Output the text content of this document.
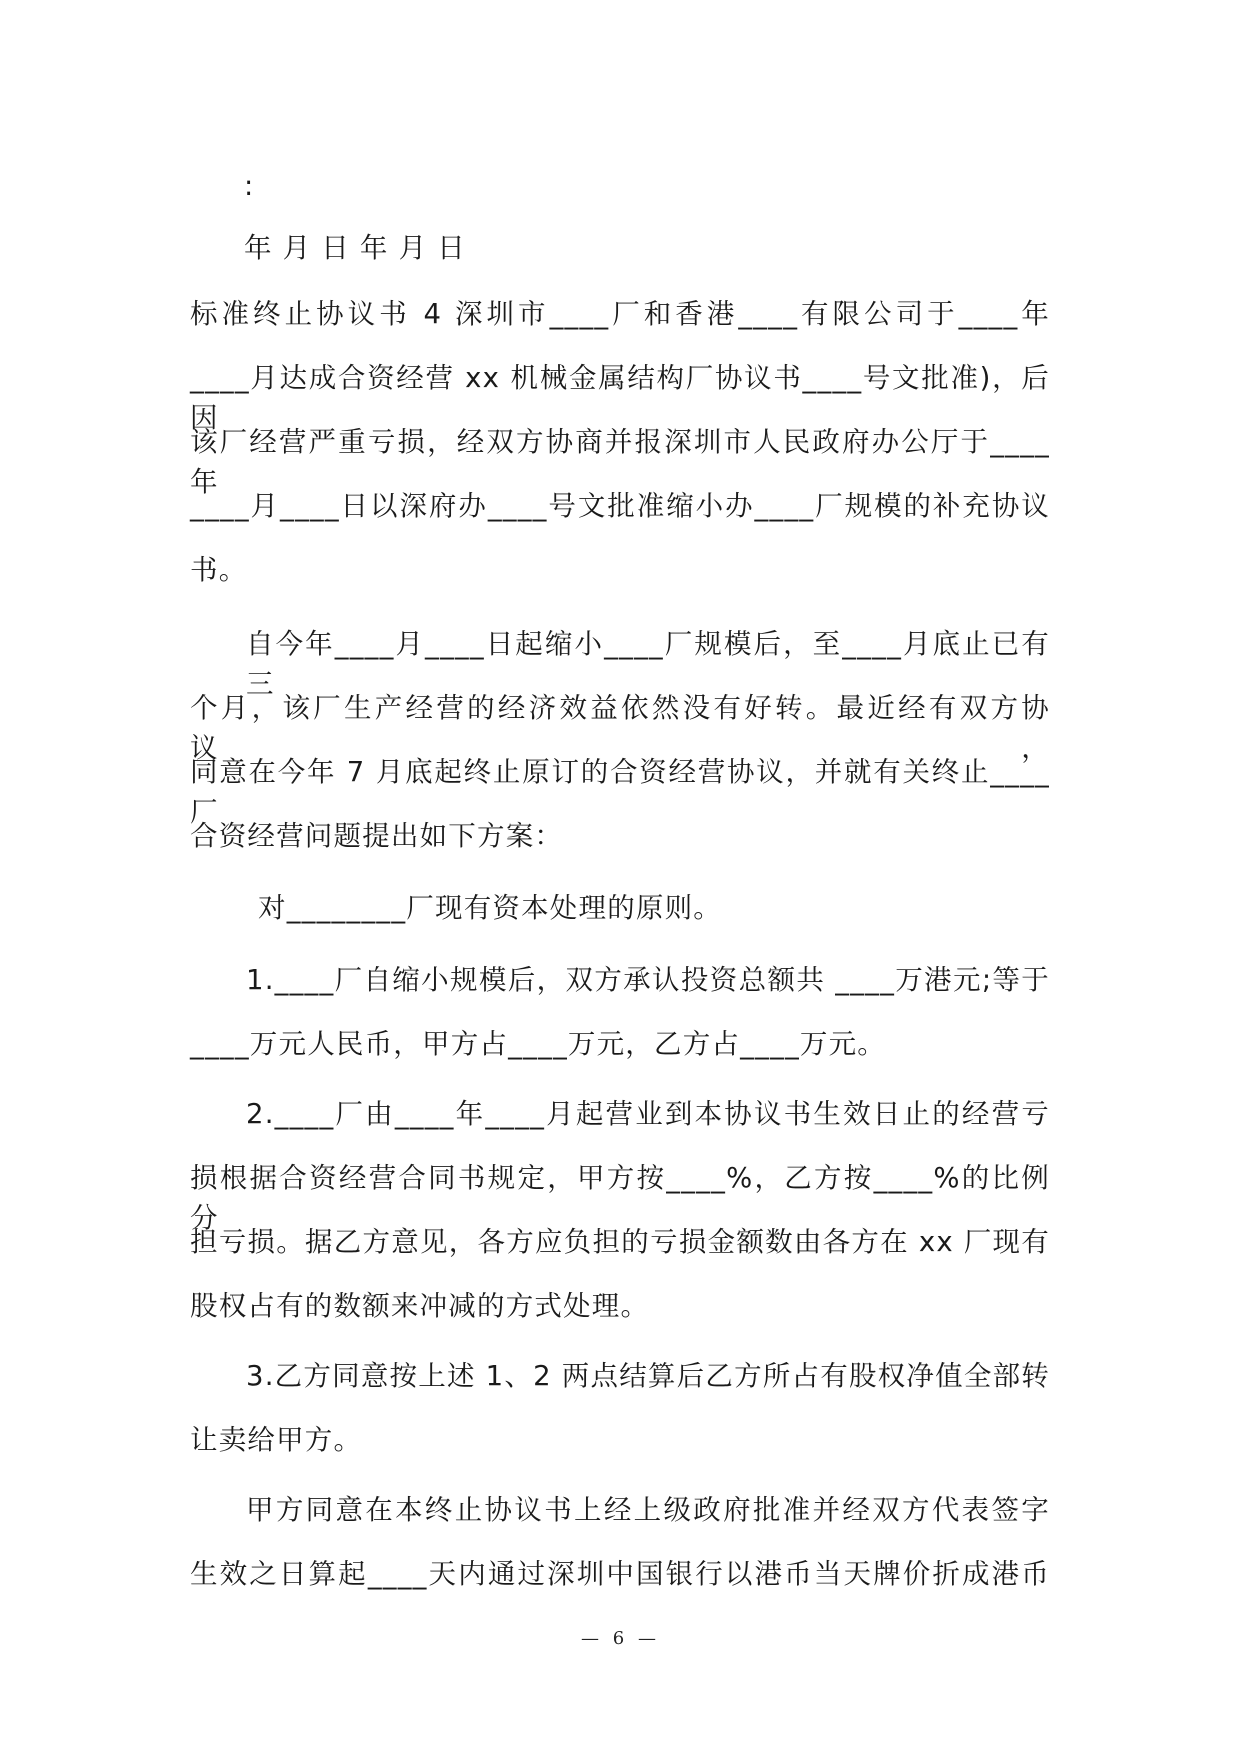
:
年 月 日 年 月 日
标准终止协议书 4 深圳市____厂和香港____有限公司于____年
____月达成合资经营 xx 机械金属结构厂协议书____号文批准)，后因
该厂经营严重亏损，经双方协商并报深圳市人民政府办公厅于____年
____月____日以深府办____号文批准缩小办____厂规模的补充协议
书。
自今年____月____日起缩小____厂规模后，至____月底止已有三
个月，该厂生产经营的经济效益依然没有好转。最近经有双方协议，
同意在今年 7 月底起终止原订的合资经营协议，并就有关终止____厂
合资经营问题提出如下方案：
对________厂现有资本处理的原则。
1.____厂自缩小规模后，双方承认投资总额共 ____万港元;等于
____万元人民币，甲方占____万元，乙方占____万元。
2.____厂由____年____月起营业到本协议书生效日止的经营亏
损根据合资经营合同书规定，甲方按____%，乙方按____%的比例分
担亏损。据乙方意见，各方应负担的亏损金额数由各方在 xx 厂现有
股权占有的数额来冲减的方式处理。
3.乙方同意按上述 1、2 两点结算后乙方所占有股权净值全部转
让卖给甲方。
甲方同意在本终止协议书上经上级政府批准并经双方代表签字
生效之日算起____天内通过深圳中国银行以港币当天牌价折成港币
— 6 —
